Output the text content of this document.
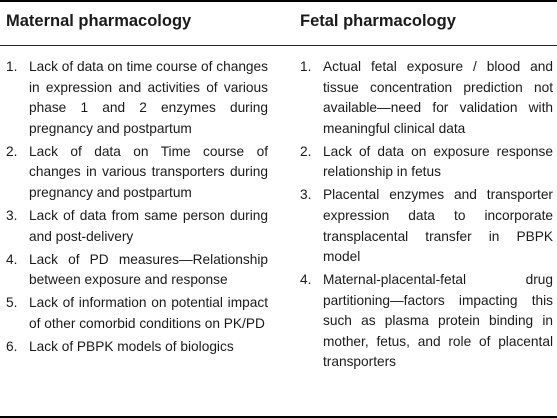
Maternal pharmacology	Fetal pharmacology
1. Lack of data on time course of changes in expression and activities of various phase 1 and 2 enzymes during pregnancy and postpartum
2. Lack of data on Time course of changes in various transporters during pregnancy and postpartum
3. Lack of data from same person during and post-delivery
4. Lack of PD measures—Relationship between exposure and response
5. Lack of information on potential impact of other comorbid conditions on PK/PD
6. Lack of PBPK models of biologics
1. Actual fetal exposure / blood and tissue concentration prediction not available—need for validation with meaningful clinical data
2. Lack of data on exposure response relationship in fetus
3. Placental enzymes and transporter expression data to incorporate transplacental transfer in PBPK model
4. Maternal-placental-fetal drug partitioning—factors impacting this such as plasma protein binding in mother, fetus, and role of placental transporters
